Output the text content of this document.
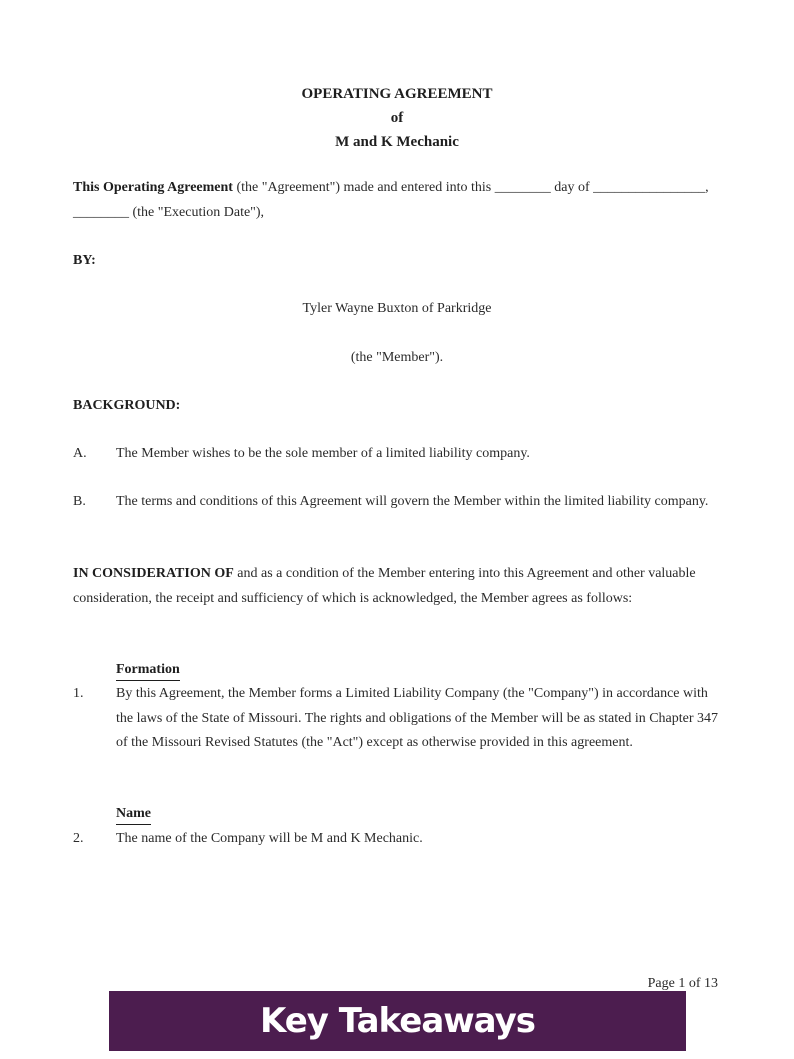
OPERATING AGREEMENT
of
M and K Mechanic
This Operating Agreement (the "Agreement") made and entered into this ________ day of ________________, ________ (the "Execution Date"),
BY:
Tyler Wayne Buxton of Parkridge
(the "Member").
BACKGROUND:
A.	The Member wishes to be the sole member of a limited liability company.
B.	The terms and conditions of this Agreement will govern the Member within the limited liability company.
IN CONSIDERATION OF and as a condition of the Member entering into this Agreement and other valuable consideration, the receipt and sufficiency of which is acknowledged, the Member agrees as follows:
Formation
1.	By this Agreement, the Member forms a Limited Liability Company (the "Company") in accordance with the laws of the State of Missouri. The rights and obligations of the Member will be as stated in Chapter 347 of the Missouri Revised Statutes (the "Act") except as otherwise provided in this agreement.
Name
2.	The name of the Company will be M and K Mechanic.
Page 1 of 13
Key Takeaways
